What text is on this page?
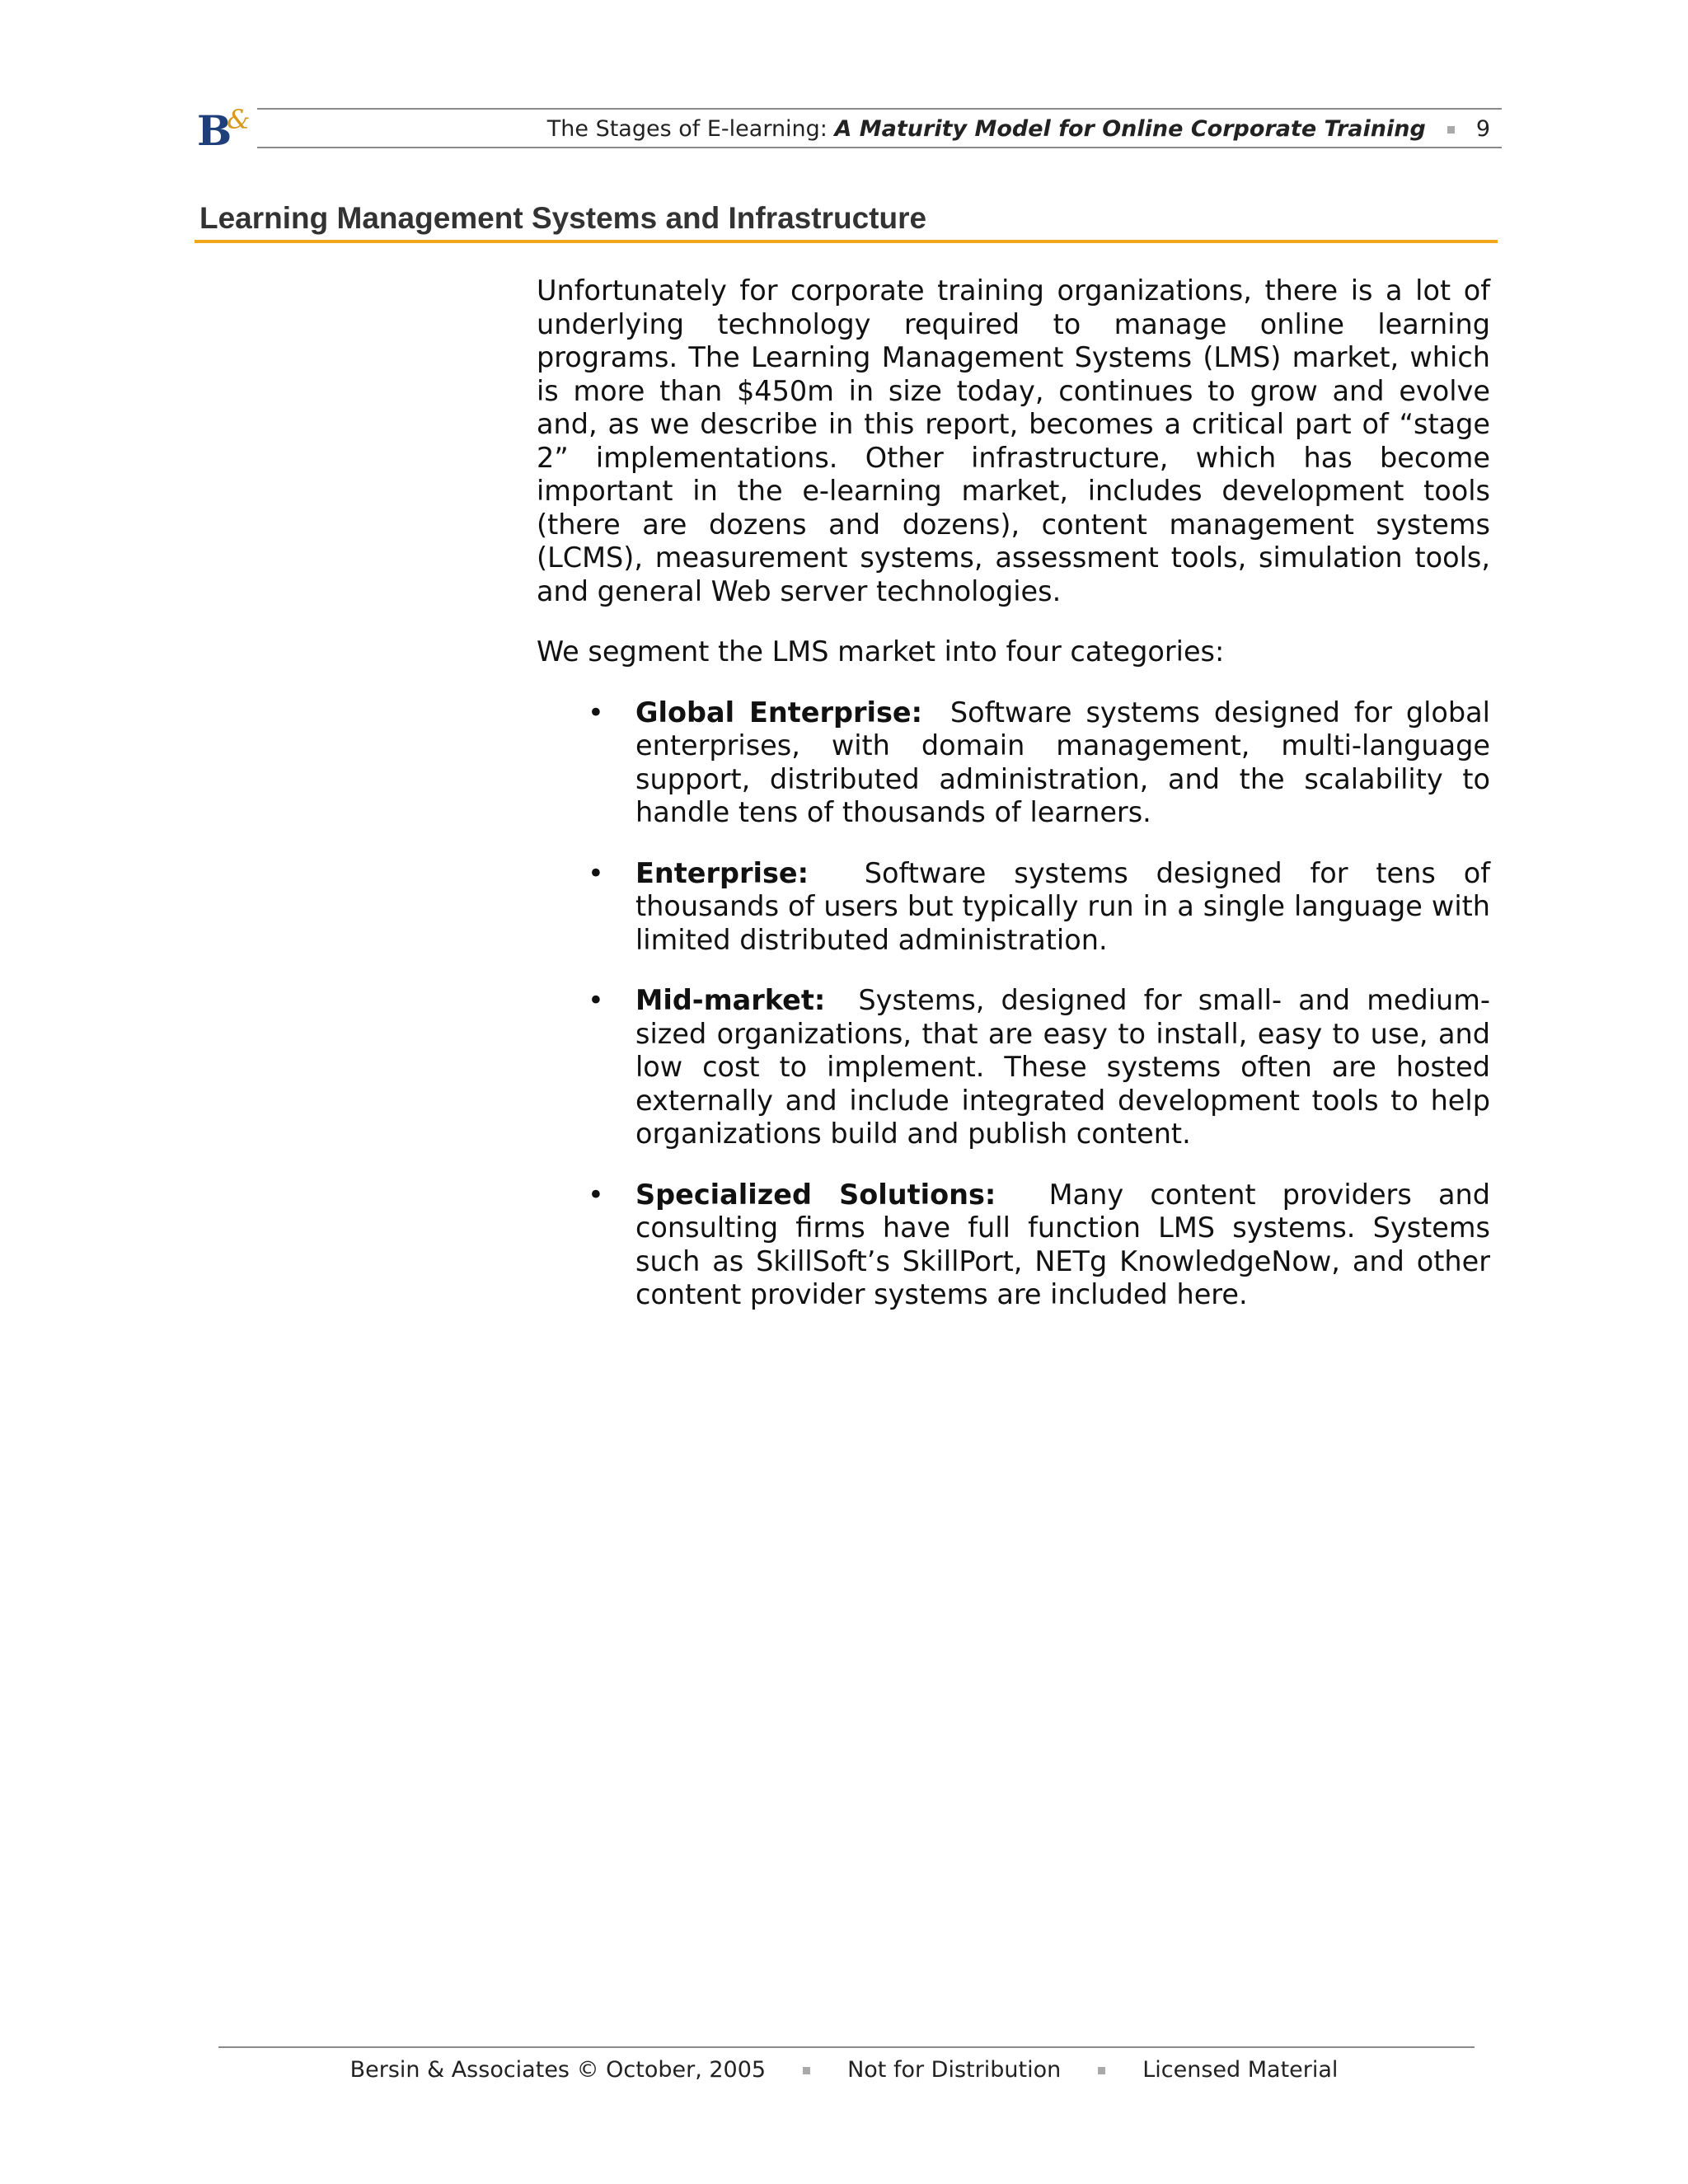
B
&	The Stages of E-learning: A Maturity Model for Online Corporate Training 9
Learning Management Systems and Infrastructure

Unfortunately for corporate training organizations, there is a lot of underlying technology required to manage online learning programs. The Learning Management Systems (LMS) market, which is more than $450m in size today, continues to grow and evolve and, as we describe in this report, becomes a critical part of “stage 2” implementations. Other infrastructure, which has become important in the e-learning market, includes development tools (there are dozens and dozens), content management systems (LCMS), measurement systems, assessment tools, simulation tools, and general Web server technologies.

We segment the LMS market into four categories:

• Global Enterprise: Software systems designed for global enterprises, with domain management, multi-language support, distributed administration, and the scalability to handle tens of thousands of learners.
• Enterprise: Software systems designed for tens of thousands of users but typically run in a single language with limited distributed administration.
• Mid-market: Systems, designed for small- and medium-sized organizations, that are easy to install, easy to use, and low cost to implement. These systems often are hosted externally and include integrated development tools to help organizations build and publish content.
• Specialized Solutions: Many content providers and consulting firms have full function LMS systems. Systems such as SkillSoft’s SkillPort, NETg KnowledgeNow, and other content provider systems are included here.
Bersin & Associates © October, 2005	Not for Distribution	Licensed Material
